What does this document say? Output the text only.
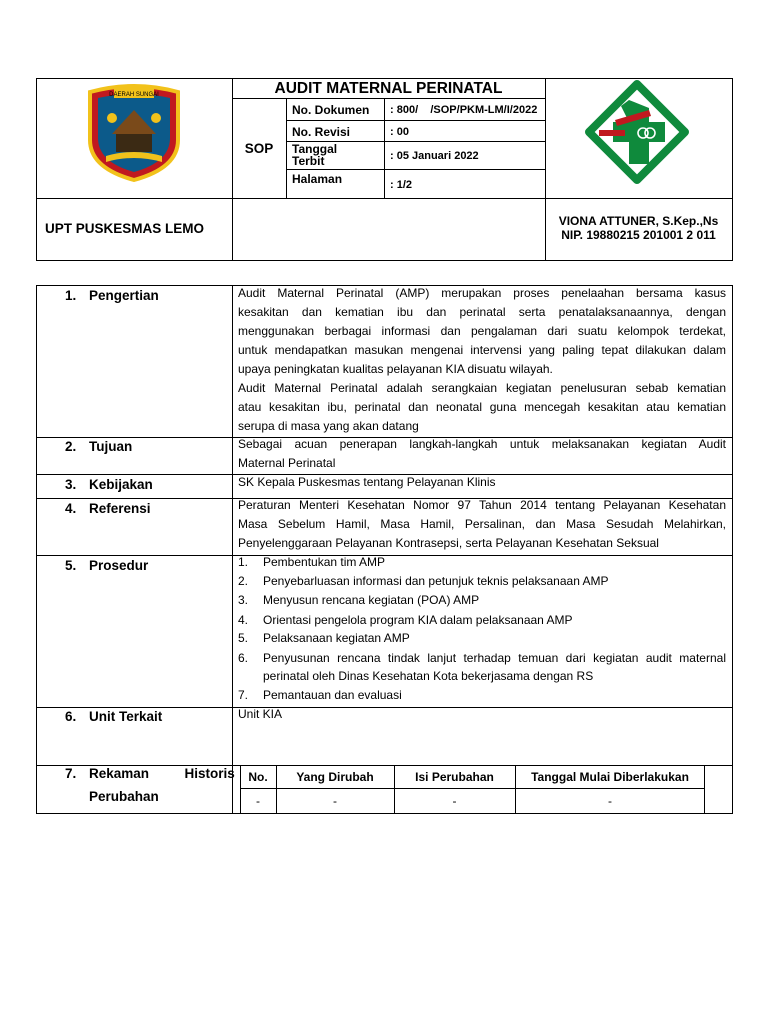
DAERAH SUNGAI	AUDIT MATERNAL PERINATAL
SOP
No. Dokumen : 800/    /SOP/PKM-LM/I/2022
No. Revisi	: 00
Tanggal Terbit	: 05 Januari 2022
Halaman	: 1/2
UPT PUSKESMAS LEMO	VIONA ATTUNER, S.Kep.,Ns
NIP. 19880215 201001 2 011
1. Pengertian	Audit Maternal Perinatal (AMP) merupakan proses penelaahan bersama kasus
kesakitan dan kematian ibu dan perinatal serta penatalaksanaannya, dengan
menggunakan berbagai informasi dan pengalaman dari suatu kelompok terdekat,
untuk mendapatkan masukan mengenai intervensi yang paling tepat dilakukan dalam
upaya peningkatan kualitas pelayanan KIA disuatu wilayah.
Audit Maternal Perinatal adalah serangkaian kegiatan penelusuran sebab kematian
atau kesakitan ibu, perinatal dan neonatal guna mencegah kesakitan atau kematian
serupa di masa yang akan datang
2. Tujuan	Sebagai acuan penerapan langkah-langkah untuk melaksanakan kegiatan Audit
Maternal Perinatal
3. Kebijakan	SK Kepala Puskesmas tentang Pelayanan Klinis
4. Referensi	Peraturan Menteri Kesehatan Nomor 97 Tahun 2014 tentang Pelayanan Kesehatan
Masa Sebelum Hamil, Masa Hamil, Persalinan, dan Masa Sesudah Melahirkan,
Penyelenggaraan Pelayanan Kontrasepsi, serta Pelayanan Kesehatan Seksual
5. Prosedur	1. Pembentukan tim AMP
2. Penyebarluasan informasi dan petunjuk teknis pelaksanaan AMP
3. Menyusun rencana kegiatan (POA) AMP
4. Orientasi pengelola program KIA dalam pelaksanaan AMP
5. Pelaksanaan kegiatan AMP
6. Penyusunan rencana tindak lanjut terhadap temuan dari kegiatan audit maternal
perinatal oleh Dinas Kesehatan Kota bekerjasama dengan RS
7. Pemantauan dan evaluasi
6. Unit Terkait	Unit KIA
7. Rekaman  Historis
Perubahan
No.	Yang Dirubah	Isi Perubahan	Tanggal Mulai Diberlakukan
-	-	-	-
